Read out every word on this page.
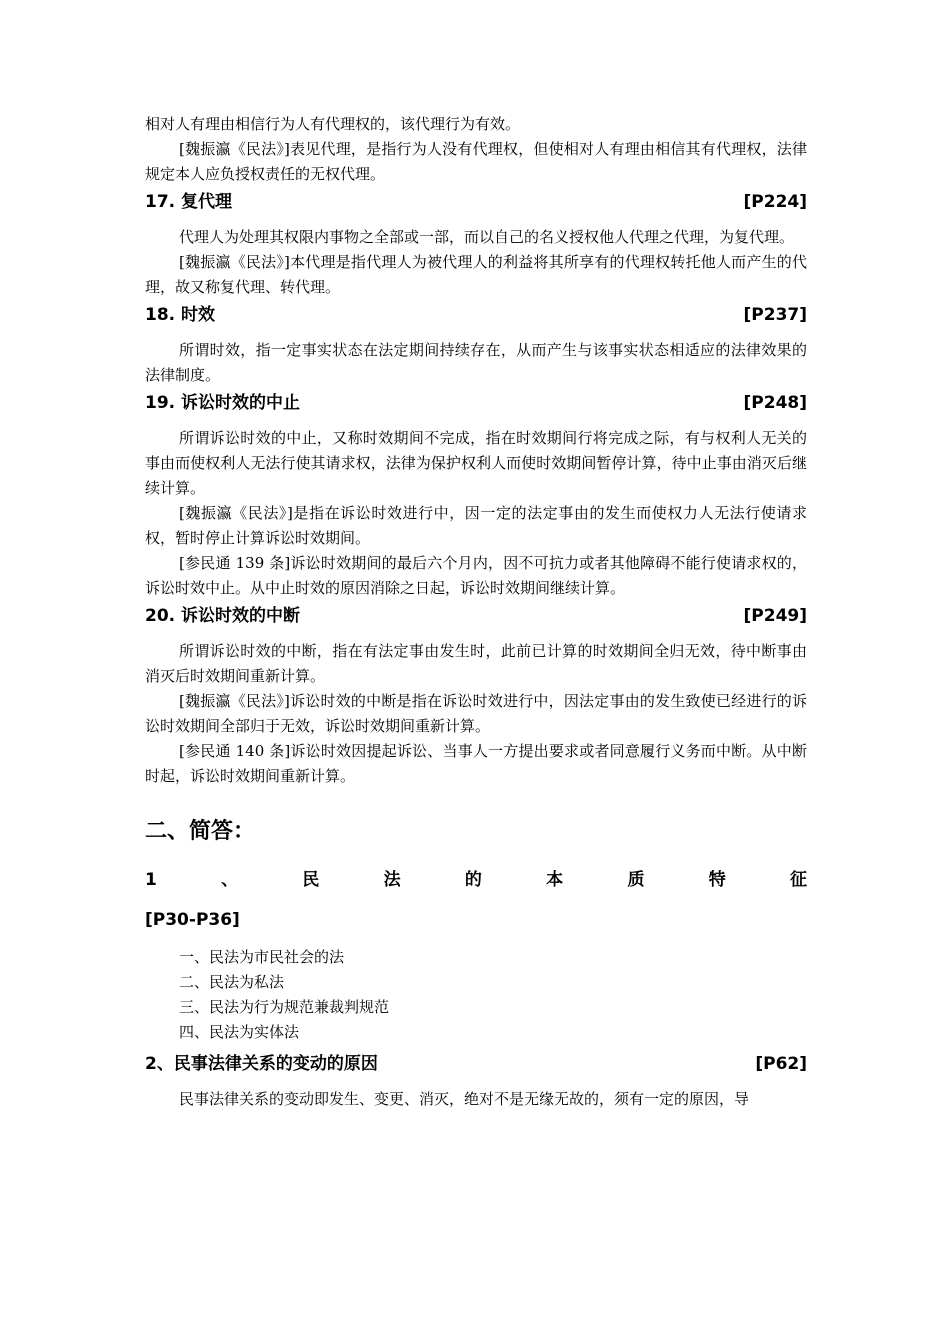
相对人有理由相信行为人有代理权的，该代理行为有效。

[魏振瀛《民法》]表见代理，是指行为人没有代理权，但使相对人有理由相信其有代理权，法律规定本人应负授权责任的无权代理。

17. 复代理	[P224]

代理人为处理其权限内事物之全部或一部，而以自己的名义授权他人代理之代理，为复代理。

[魏振瀛《民法》]本代理是指代理人为被代理人的利益将其所享有的代理权转托他人而产生的代理，故又称复代理、转代理。

18. 时效	[P237]

所谓时效，指一定事实状态在法定期间持续存在，从而产生与该事实状态相适应的法律效果的法律制度。

19. 诉讼时效的中止	[P248]

所谓诉讼时效的中止，又称时效期间不完成，指在时效期间行将完成之际，有与权利人无关的事由而使权利人无法行使其请求权，法律为保护权利人而使时效期间暂停计算，待中止事由消灭后继续计算。

[魏振瀛《民法》]是指在诉讼时效进行中，因一定的法定事由的发生而使权力人无法行使请求权，暂时停止计算诉讼时效期间。

[参民通 139 条]诉讼时效期间的最后六个月内，因不可抗力或者其他障碍不能行使请求权的，诉讼时效中止。从中止时效的原因消除之日起，诉讼时效期间继续计算。

20. 诉讼时效的中断	[P249]

所谓诉讼时效的中断，指在有法定事由发生时，此前已计算的时效期间全归无效，待中断事由消灭后时效期间重新计算。

[魏振瀛《民法》]诉讼时效的中断是指在诉讼时效进行中，因法定事由的发生致使已经进行的诉讼时效期间全部归于无效，诉讼时效期间重新计算。

[参民通 140 条]诉讼时效因提起诉讼、当事人一方提出要求或者同意履行义务而中断。从中断时起，诉讼时效期间重新计算。

二、简答：
1	、	民	法	的	本	质	特	征
[P30-P36]

一、民法为市民社会的法

二、民法为私法

三、民法为行为规范兼裁判规范

四、民法为实体法

2、民事法律关系的变动的原因	[P62]

民事法律关系的变动即发生、变更、消灭，绝对不是无缘无故的，须有一定的原因，导
